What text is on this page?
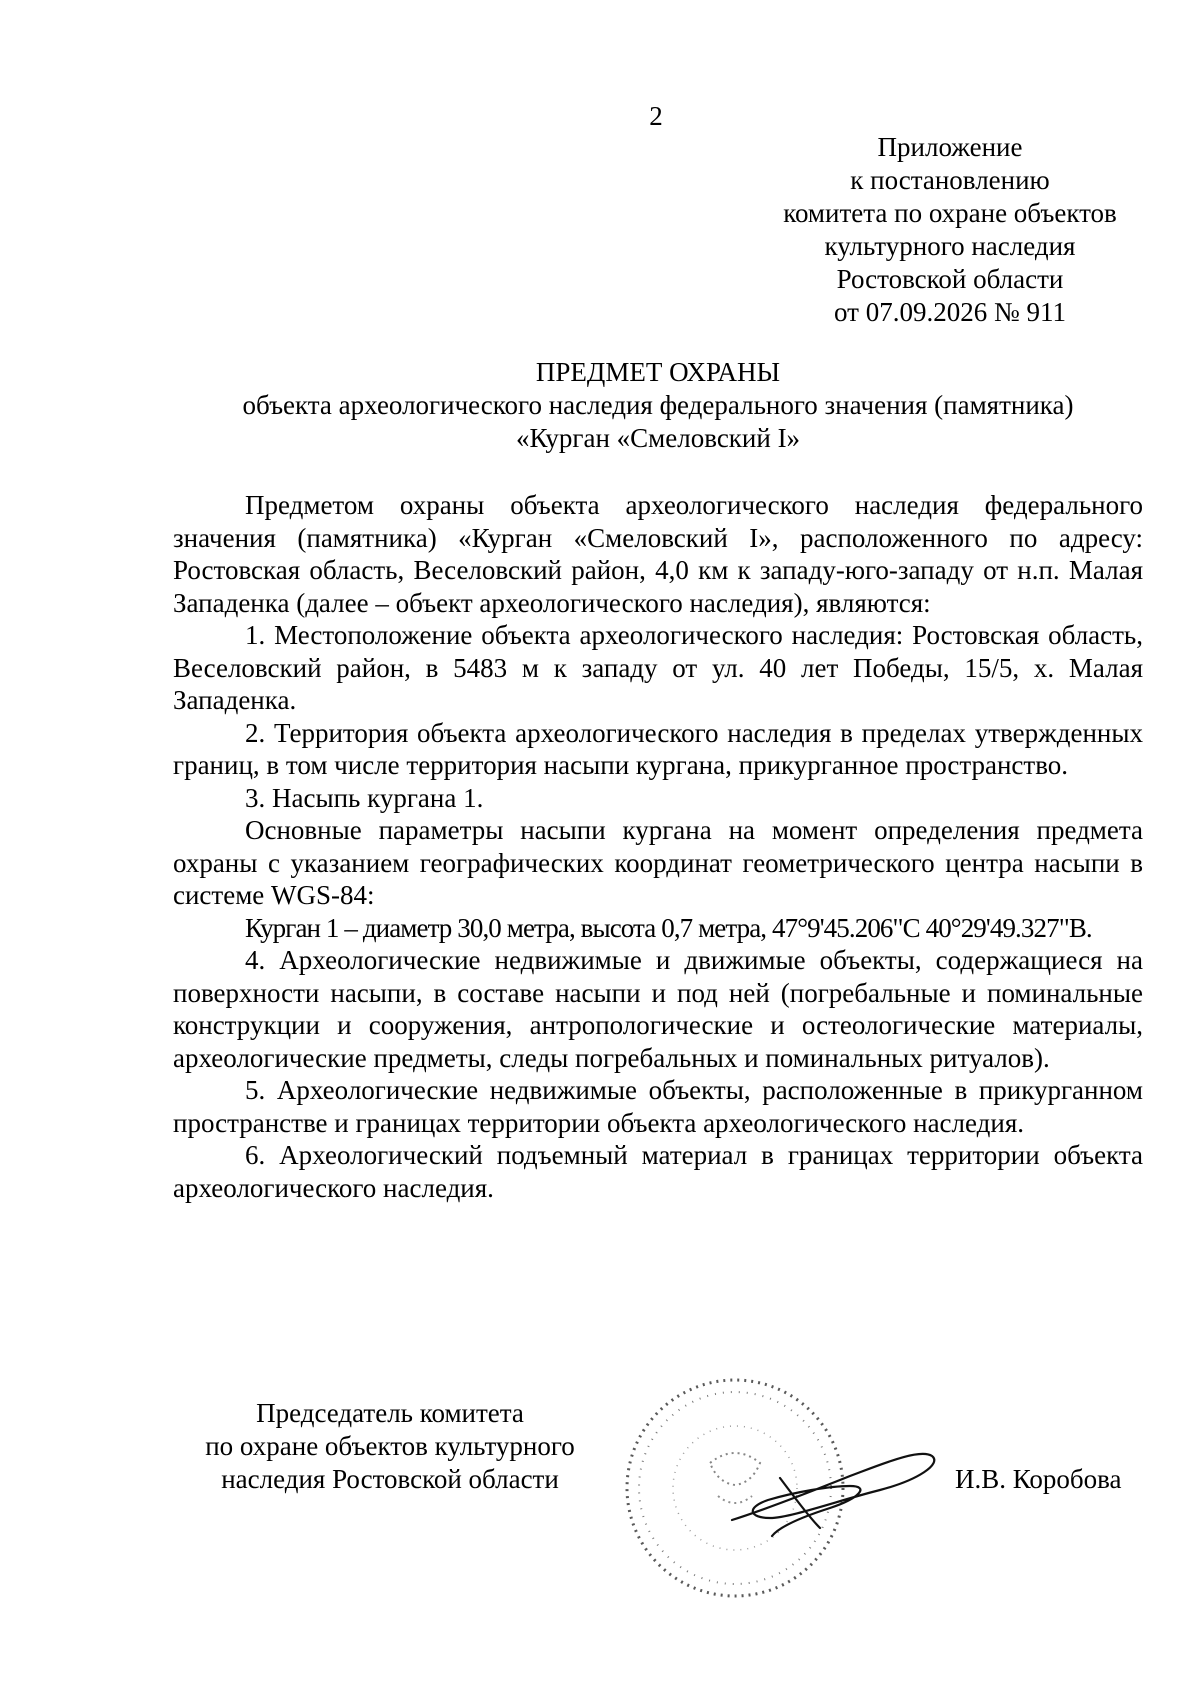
2
Приложение
к постановлению
комитета по охране объектов
культурного наследия
Ростовской области
от 07.09.2026 № 911
ПРЕДМЕТ ОХРАНЫ
объекта археологического наследия федерального значения (памятника)
«Курган «Смеловский I»

Предметом охраны объекта археологического наследия федерального значения (памятника) «Курган «Смеловский I», расположенного по адресу: Ростовская область, Веселовский район, 4,0 км к западу-юго-западу от н.п. Малая Западенка (далее – объект археологического наследия), являются:

1. Местоположение объекта археологического наследия: Ростовская область, Веселовский район, в 5483 м к западу от ул. 40 лет Победы, 15/5, х. Малая Западенка.

2. Территория объекта археологического наследия в пределах утвержденных границ, в том числе территория насыпи кургана, прикурганное пространство.

3. Насыпь кургана 1.

Основные параметры насыпи кургана на момент определения предмета охраны с указанием географических координат геометрического центра насыпи в системе WGS-84:

Курган 1 – диаметр 30,0 метра, высота 0,7 метра, 47°9'45.206"С 40°29'49.327"В.

4. Археологические недвижимые и движимые объекты, содержащиеся на поверхности насыпи, в составе насыпи и под ней (погребальные и поминальные конструкции и сооружения, антропологические и остеологические материалы, археологические предметы, следы погребальных и поминальных ритуалов).

5. Археологические недвижимые объекты, расположенные в прикурганном пространстве и границах территории объекта археологического наследия.

6. Археологический подъемный материал в границах территории объекта археологического наследия.

Председатель комитета
по охране объектов культурного
наследия Ростовской области	И.В. Коробова
